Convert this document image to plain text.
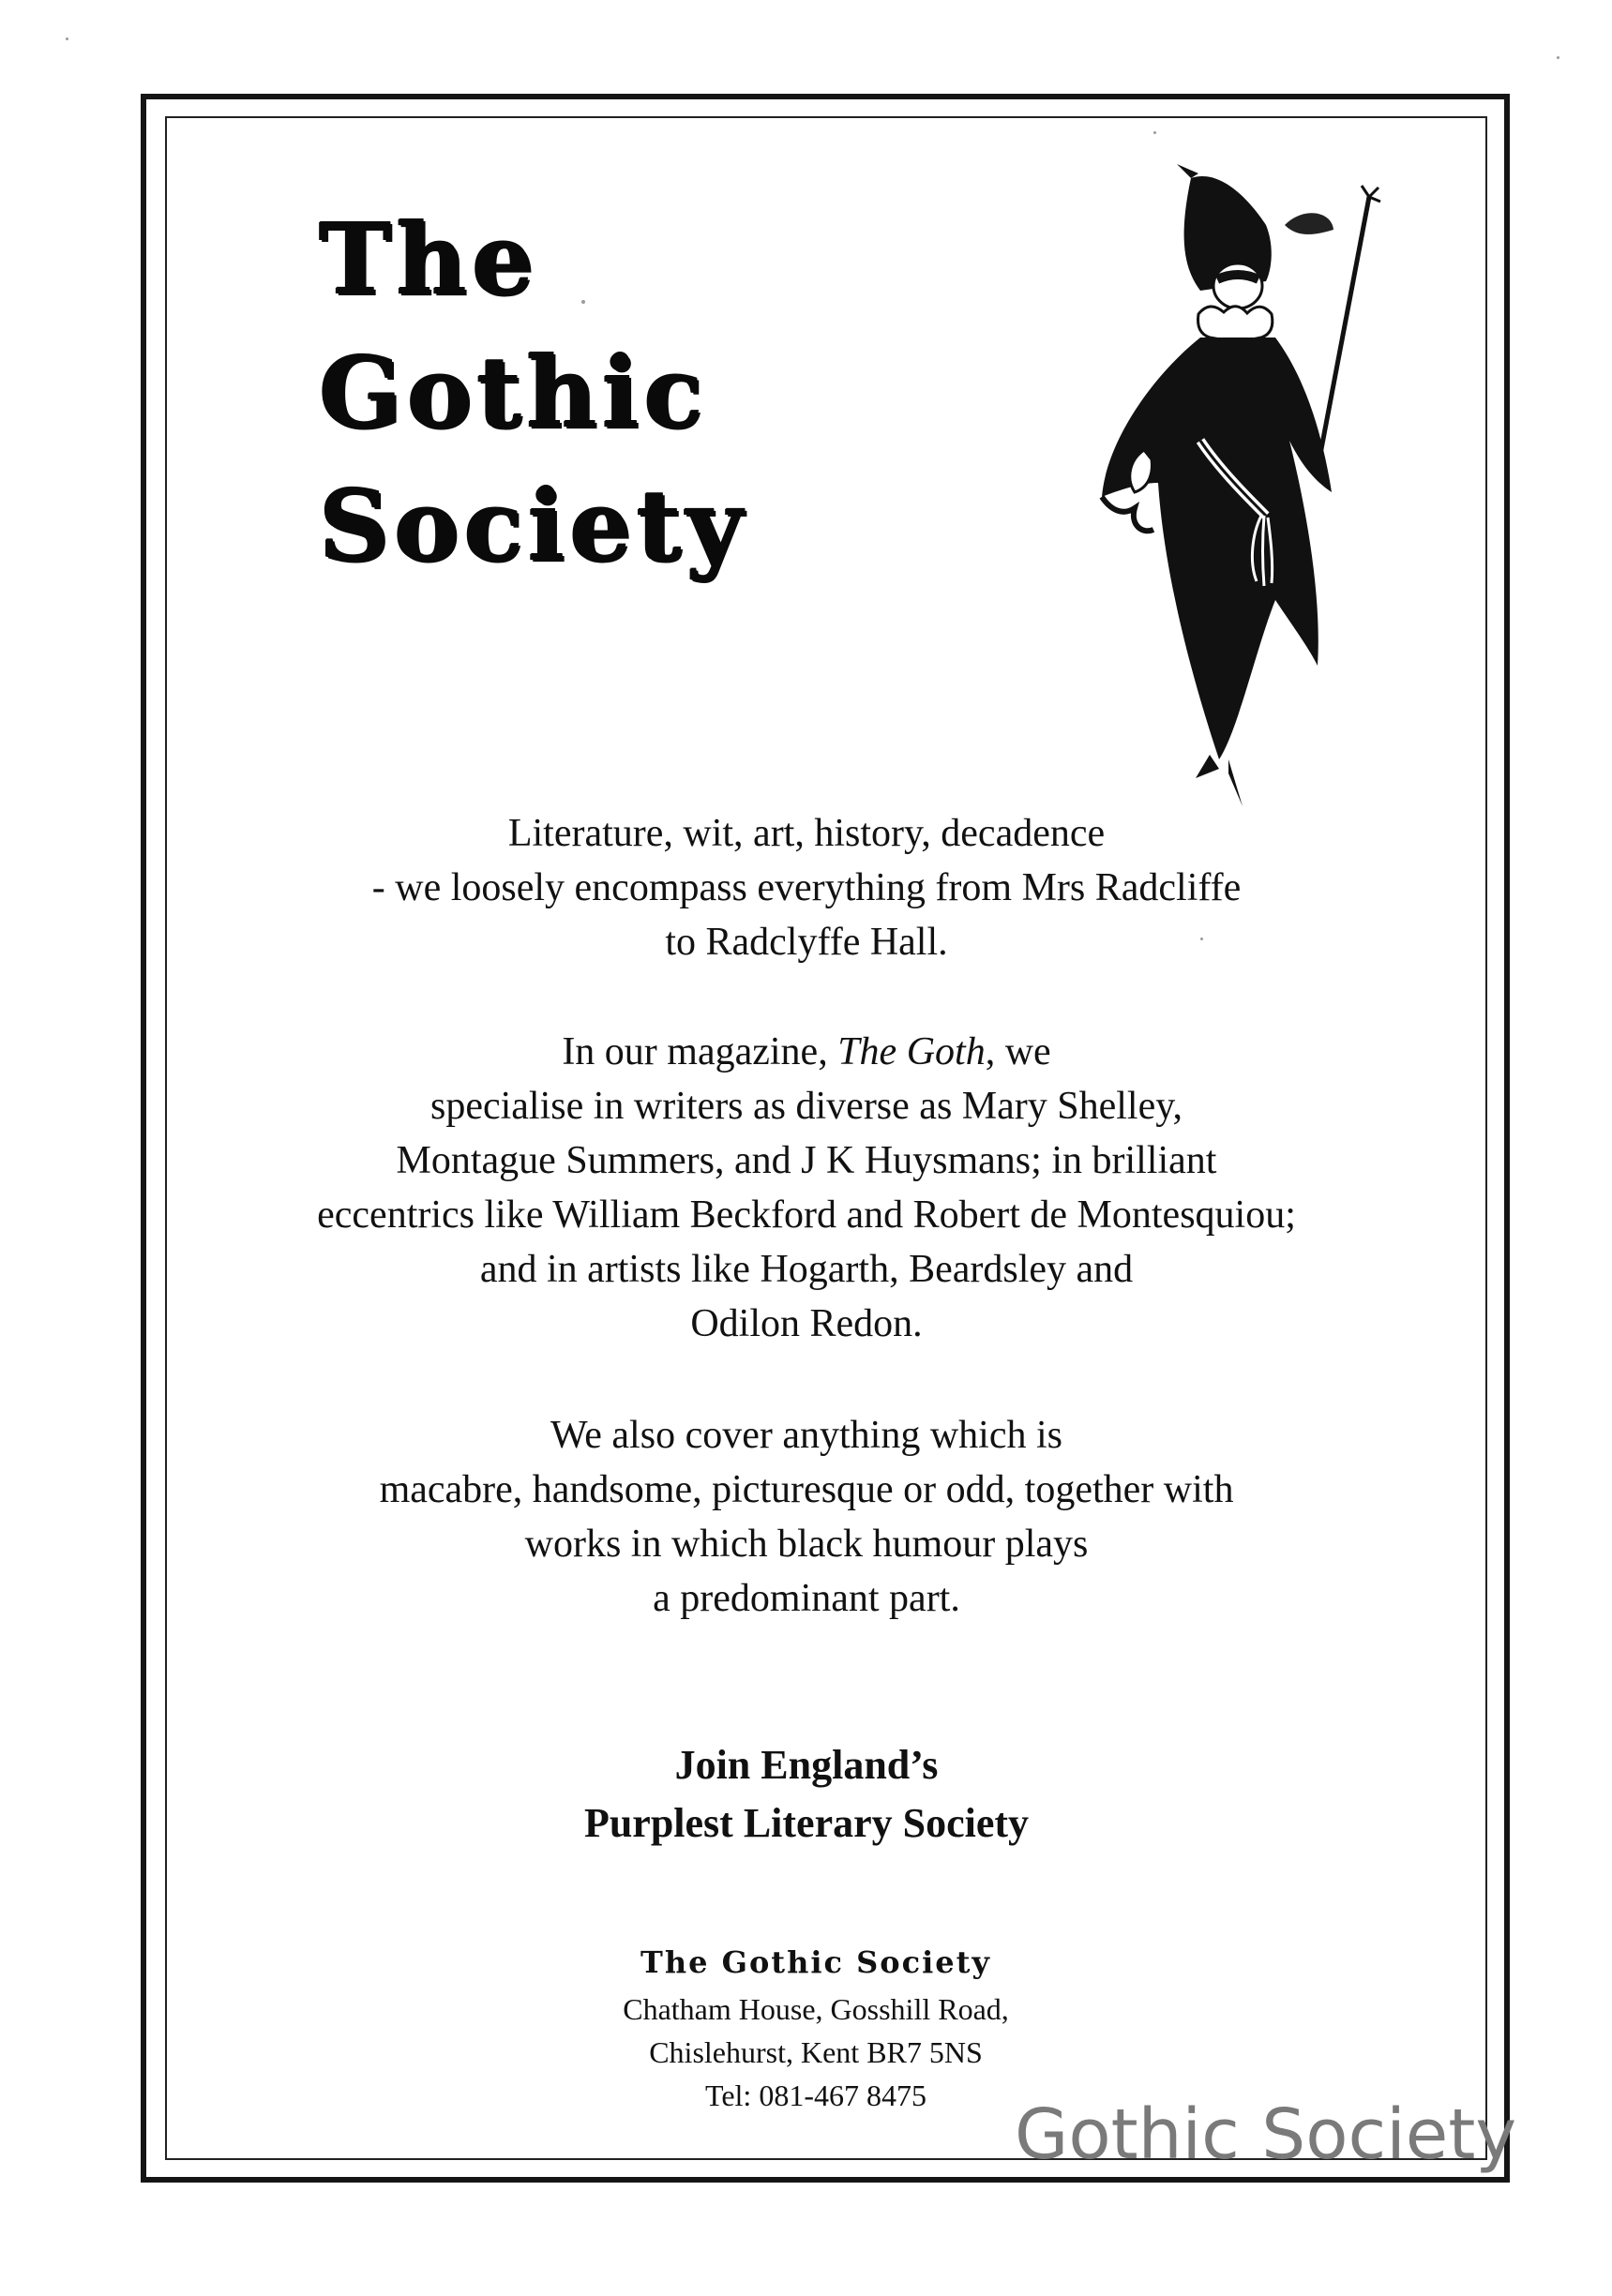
The
Gothic
Society
Literature, wit, art, history, decadence
- we loosely encompass everything from Mrs Radcliffe
to Radclyffe Hall.
In our magazine, The Goth, we
specialise in writers as diverse as Mary Shelley,
Montague Summers, and J K Huysmans; in brilliant
eccentrics like William Beckford and Robert de Montesquiou;
and in artists like Hogarth, Beardsley and
Odilon Redon.
We also cover anything which is
macabre, handsome, picturesque or odd, together with
works in which black humour plays
a predominant part.
Join England’s
Purplest Literary Society
The Gothic Society
Chatham House, Gosshill Road,
Chislehurst, Kent BR7 5NS
Tel: 081-467 8475	Gothic Society
